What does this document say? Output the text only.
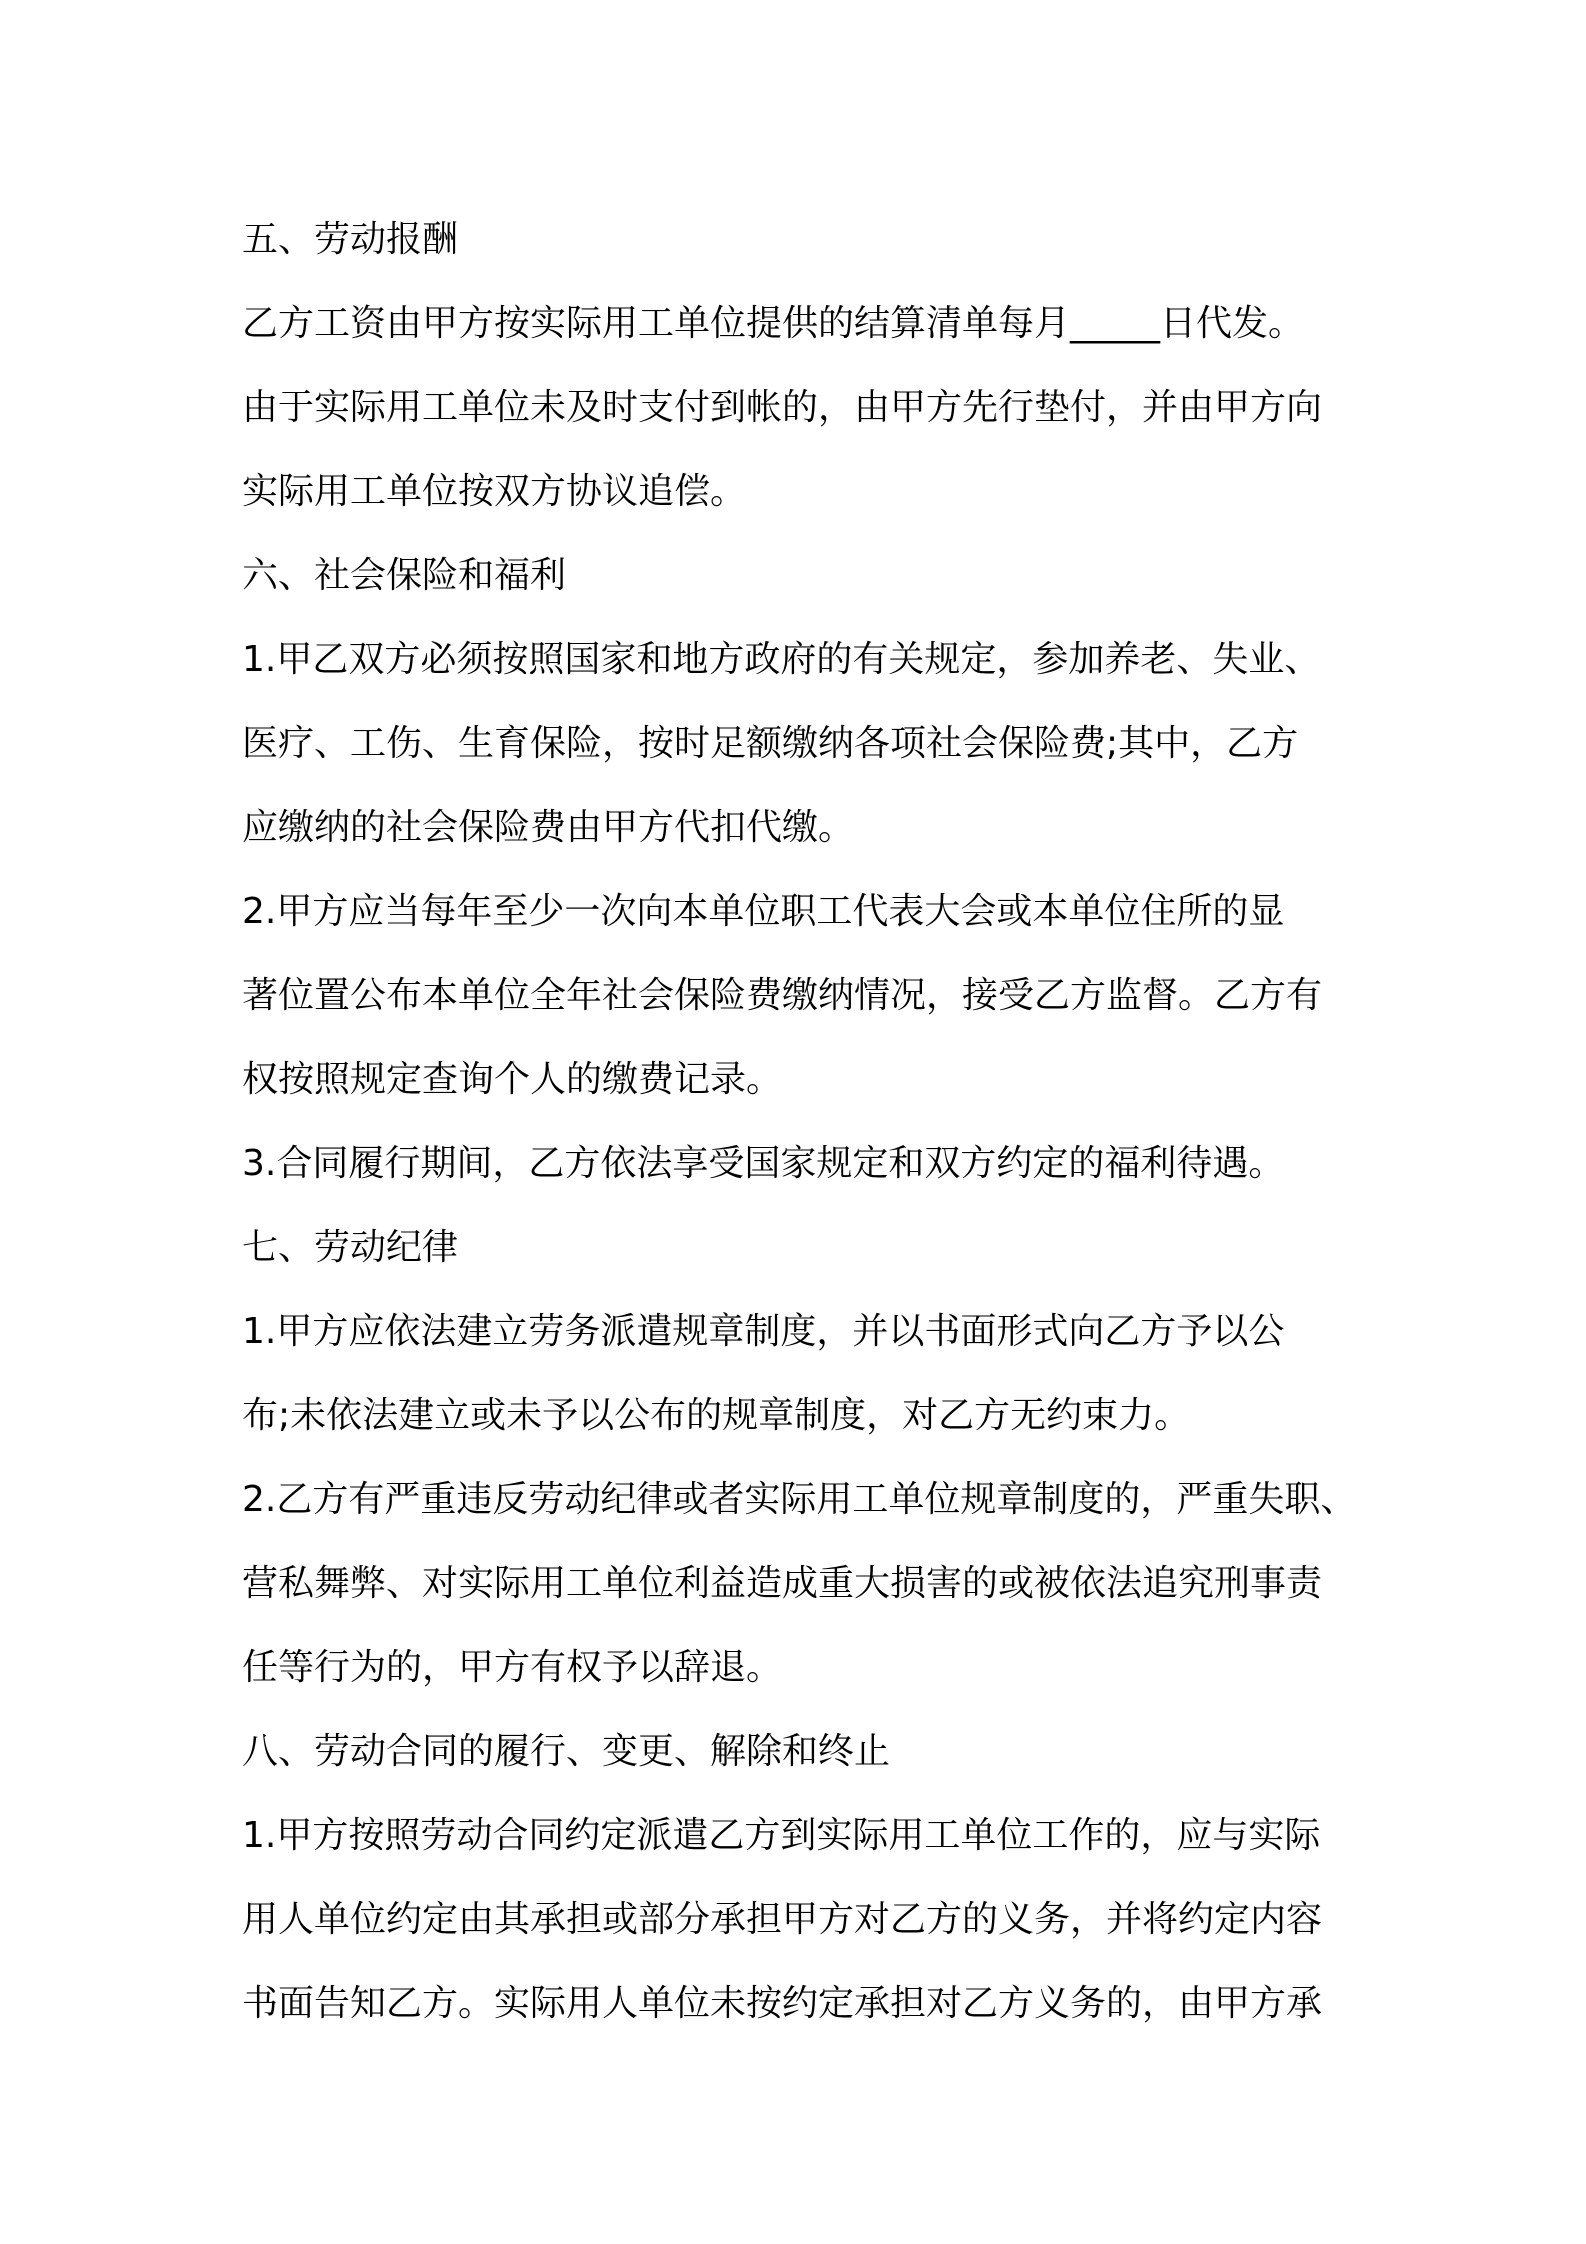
五、劳动报酬
乙方工资由甲方按实际用工单位提供的结算清单每月_____日代发。
由于实际用工单位未及时支付到帐的，由甲方先行垫付，并由甲方向
实际用工单位按双方协议追偿。
六、社会保险和福利
1.甲乙双方必须按照国家和地方政府的有关规定，参加养老、失业、
医疗、工伤、生育保险，按时足额缴纳各项社会保险费;其中，乙方
应缴纳的社会保险费由甲方代扣代缴。
2.甲方应当每年至少一次向本单位职工代表大会或本单位住所的显
著位置公布本单位全年社会保险费缴纳情况，接受乙方监督。乙方有
权按照规定查询个人的缴费记录。
3.合同履行期间，乙方依法享受国家规定和双方约定的福利待遇。
七、劳动纪律
1.甲方应依法建立劳务派遣规章制度，并以书面形式向乙方予以公
布;未依法建立或未予以公布的规章制度，对乙方无约束力。
2.乙方有严重违反劳动纪律或者实际用工单位规章制度的，严重失职、
营私舞弊、对实际用工单位利益造成重大损害的或被依法追究刑事责
任等行为的，甲方有权予以辞退。
八、劳动合同的履行、变更、解除和终止
1.甲方按照劳动合同约定派遣乙方到实际用工单位工作的，应与实际
用人单位约定由其承担或部分承担甲方对乙方的义务，并将约定内容
书面告知乙方。实际用人单位未按约定承担对乙方义务的，由甲方承
